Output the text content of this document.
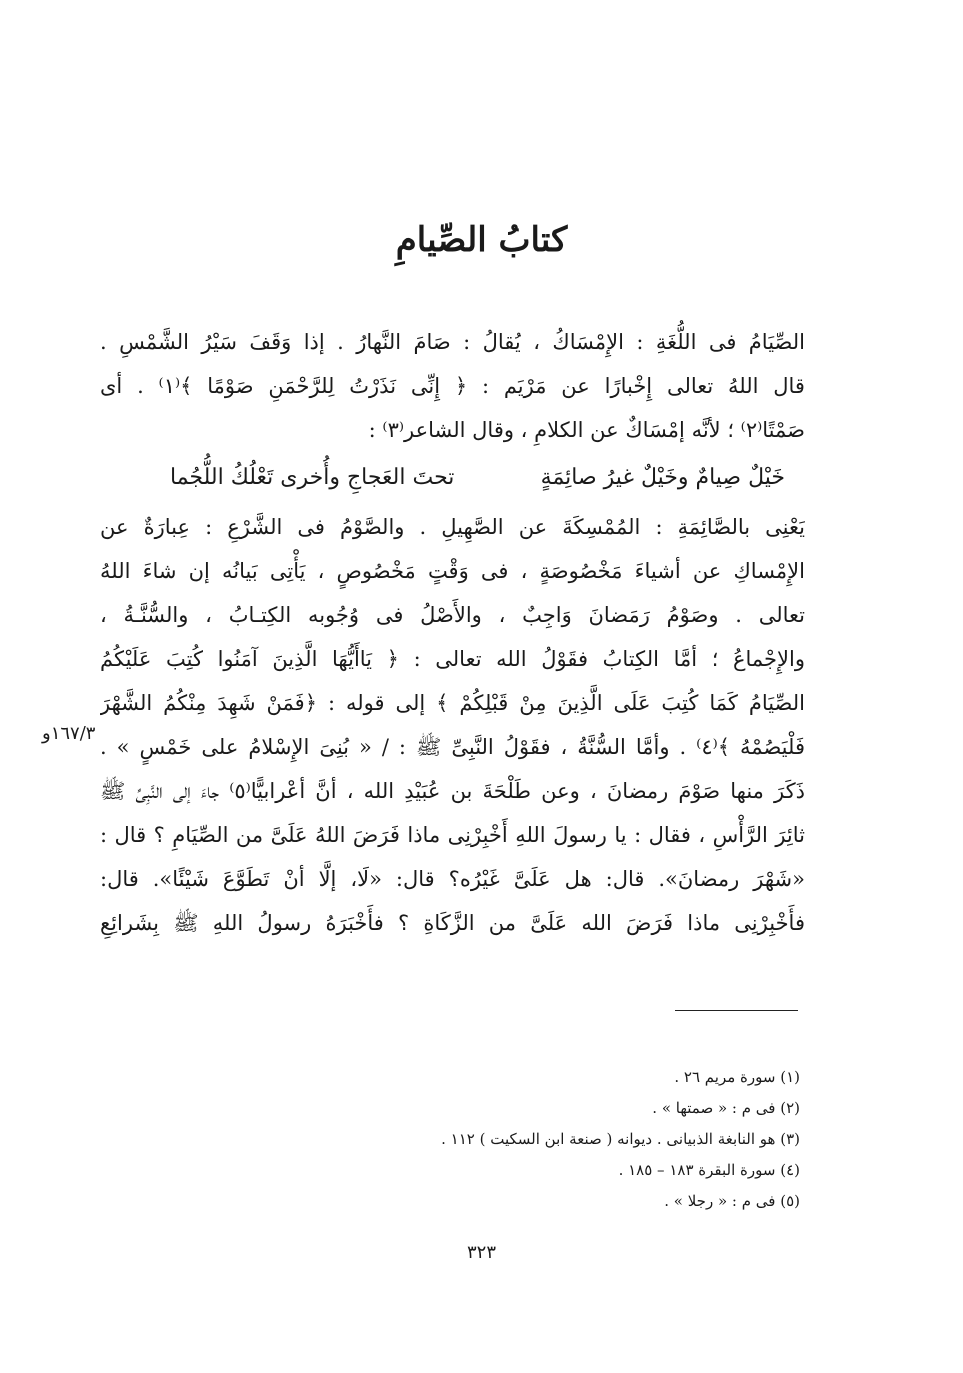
كتابُ الصِّيامِ
الصِّيَامُ فى اللُّغَةِ : الإِمْسَاكُ ، يُقالُ : صَامَ النَّهارُ . إذا وَقَفَ سَيْرُ الشَّمْسِ .
قال اللهُ تعالى إِخْبارًا عن مَرْيَم : ﴿ إِنِّى نَذَرْتُ لِلرَّحْمَنِ صَوْمًا ﴾⁽١⁾ . أى
صَمْتًا⁽٢⁾ ؛ لأنَّه إمْسَاكٌ عن الكلامِ ، وقال الشاعر⁽٣⁾ :
خَيْلٌ صِيامٌ وخَيْلٌ غيرُ صائِمَةٍ
تحتَ العَجاجِ وأُخرى تَعْلُكُ اللُّجُما
يَعْنِى بالصَّائِمَةِ : المُمْسِكَةَ عن الصَّهِيلِ . والصَّوْمُ فى الشَّرْعِ : عِبارَةٌ عن
الإِمْساكِ عن أشياءَ مَخْصُوصَةٍ ، فى وَقْتٍ مَخْصُوصٍ ، يَأْتِى بَيانُه إن شاءَ اللهُ
تعالى . وصَوْمُ رَمَضانَ وَاجِبٌ ، والأَصْلُ فى وُجُوبه الكِتـابُ ، والسُّنَّـةُ ،
والإِجْماعُ ؛ أمَّا الكِتابُ فقَوْلُ الله تعالى : ﴿ يَاأَيُّهَا الَّذِينَ آمَنُوا كُتِبَ عَلَيْكُمُ
الصِّيَامُ كَمَا كُتِبَ عَلَى الَّذِينَ مِنْ قَبْلِكُمْ ﴾ إلى قوله : ﴿فَمَنْ شَهِدَ مِنْكُمُ الشَّهْرَ
فَلْيَصُمْهُ ﴾⁽٤⁾ . وأمَّا السُّنَّةُ ، فقَوْلُ النَّبِىِّ ﷺ : / « بُنِىَ الإِسْلامُ على خَمْسٍ » .
ذَكَرَ منها صَوْمَ رمضانَ ، وعن طَلْحَةَ بن عُبَيْدِ الله ، أنَّ أعْرابيًّا⁽٥⁾ جاءَ إلى النَّبِىِّ ﷺ
ثائِرَ الرَّأْسِ ، فقال : يا رسولَ اللهِ أَخْبِرْنِى ماذا فَرَضَ اللهُ عَلَىَّ من الصِّيَامِ ؟ قال :
«شَهْرَ رمضانَ». قال: هل عَلَىَّ غَيْرُه؟ قال: «لَا، إلَّا أنْ تَطَوَّعَ شَيْئًا». قال:
فأَخْبِرْنِى ماذا فَرَضَ الله عَلَىَّ من الزَّكَاةِ ؟ فأَخْبَرَهُ رسولُ اللهِ ﷺ بِشَرائِعِ
١٦٧/٣و
(١) سورة مريم ٢٦ .
(٢) فى م : « صمتها » .
(٣) هو النابغة الذبيانى . ديوانه ( صنعة ابن السكيت ) ١١٢ .
(٤) سورة البقرة ١٨٣ – ١٨٥ .
(٥) فى م : « رجلا » .
٣٢٣
